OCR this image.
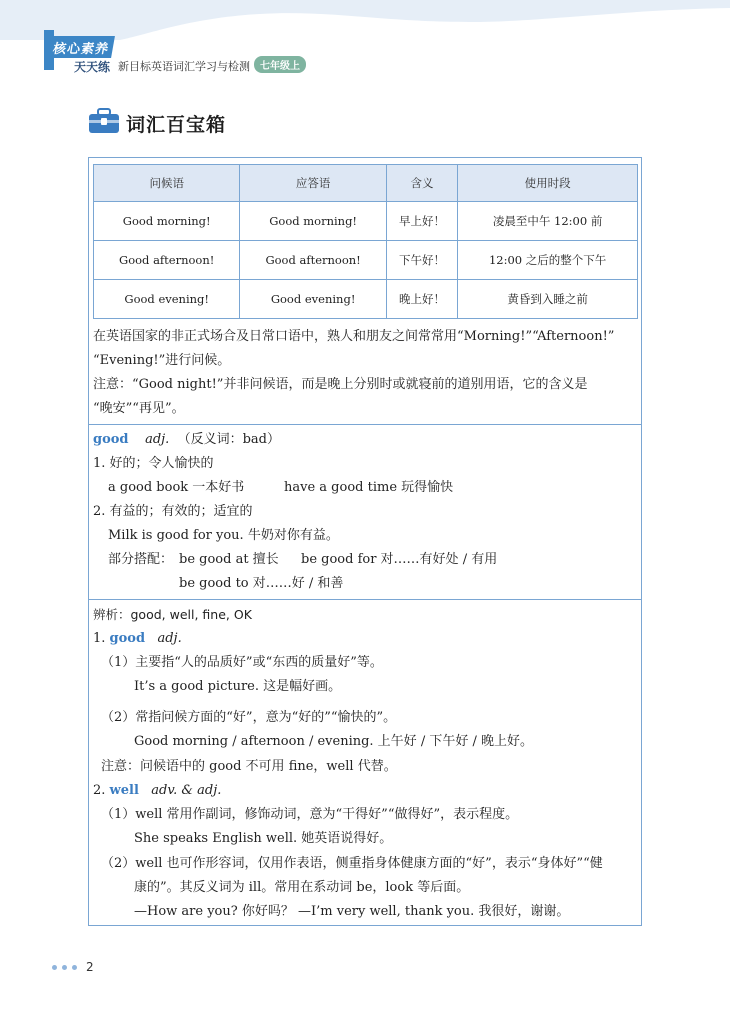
核心素养
天天练 新目标英语词汇学习与检测	七年级上
词汇百宝箱
问候语	应答语	含义	使用时段
Good morning!	Good morning!	早上好！	凌晨至中午 12:00 前
Good afternoon!	Good afternoon!	下午好！	12:00 之后的整个下午
Good evening!	Good evening!	晚上好！	黄昏到入睡之前
在英语国家的非正式场合及日常口语中，熟人和朋友之间常常用“Morning!”“Afternoon!”
“Evening!”进行问候。
注意：“Good night!”并非问候语，而是晚上分别时或就寝前的道别用语，它的含义是
“晚安”“再见”。
good adj. （反义词：bad）
1. 好的；令人愉快的
a good book 一本好书	have a good time 玩得愉快
2. 有益的；有效的；适宜的
Milk is good for you. 牛奶对你有益。
部分搭配： be good at 擅长 be good for 对……有好处 / 有用
be good to 对……好 / 和善
辨析：good, well, fine, OK
1. good adj.
（1）主要指“人的品质好”或“东西的质量好”等。
It’s a good picture. 这是幅好画。
（2）常指问候方面的“好”，意为“好的”“愉快的”。
Good morning / afternoon / evening. 上午好 / 下午好 / 晚上好。
注意：问候语中的 good 不可用 fine，well 代替。
2. well adv. & adj.
（1）well 常用作副词，修饰动词，意为“干得好”“做得好”，表示程度。
She speaks English well. 她英语说得好。
（2）well 也可作形容词，仅用作表语，侧重指身体健康方面的“好”，表示“身体好”“健
康的”。其反义词为 ill。常用在系动词 be，look 等后面。
—How are you? 你好吗？ —I’m very well, thank you. 我很好，谢谢。
2
